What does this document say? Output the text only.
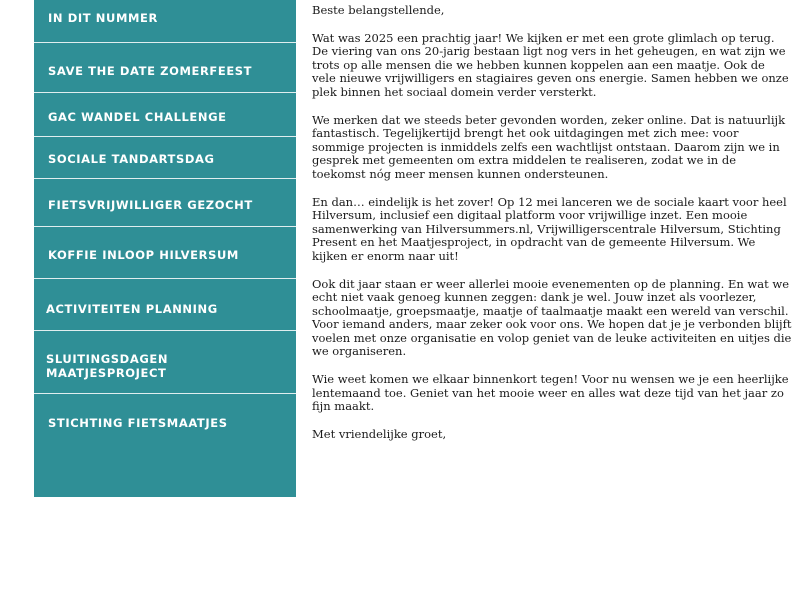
IN DIT NUMMER
SAVE THE DATE ZOMERFEEST
GAC WANDEL CHALLENGE
SOCIALE TANDARTSDAG
FIETSVRIJWILLIGER GEZOCHT
KOFFIE INLOOP HILVERSUM
ACTIVITEITEN PLANNING
SLUITINGSDAGEN
MAATJESPROJECT
STICHTING FIETSMAATJES

Beste belangstellende,

Wat was 2025 een prachtig jaar! We kijken er met een grote glimlach op terug. De viering van ons 20-jarig bestaan ligt nog vers in het geheugen, en wat zijn we trots op alle mensen die we hebben kunnen koppelen aan een maatje. Ook de vele nieuwe vrijwilligers en stagiaires geven ons energie. Samen hebben we onze plek binnen het sociaal domein verder versterkt.

We merken dat we steeds beter gevonden worden, zeker online. Dat is natuurlijk fantastisch. Tegelijkertijd brengt het ook uitdagingen met zich mee: voor sommige projecten is inmiddels zelfs een wachtlijst ontstaan. Daarom zijn we in gesprek met gemeenten om extra middelen te realiseren, zodat we in de toekomst nóg meer mensen kunnen ondersteunen.

En dan… eindelijk is het zover! Op 12 mei lanceren we de sociale kaart voor heel Hilversum, inclusief een digitaal platform voor vrijwillige inzet. Een mooie samenwerking van Hilversummers.nl, Vrijwilligerscentrale Hilversum, Stichting Present en het Maatjesproject, in opdracht van de gemeente Hilversum. We kijken er enorm naar uit!

Ook dit jaar staan er weer allerlei mooie evenementen op de planning. En wat we echt niet vaak genoeg kunnen zeggen: dank je wel. Jouw inzet als voorlezer, schoolmaatje, groepsmaatje, maatje of taalmaatje maakt een wereld van verschil. Voor iemand anders, maar zeker ook voor ons. We hopen dat je je verbonden blijft voelen met onze organisatie en volop geniet van de leuke activiteiten en uitjes die we organiseren.

Wie weet komen we elkaar binnenkort tegen! Voor nu wensen we je een heerlijke lentemaand toe. Geniet van het mooie weer en alles wat deze tijd van het jaar zo fijn maakt.

Met vriendelijke groet,
